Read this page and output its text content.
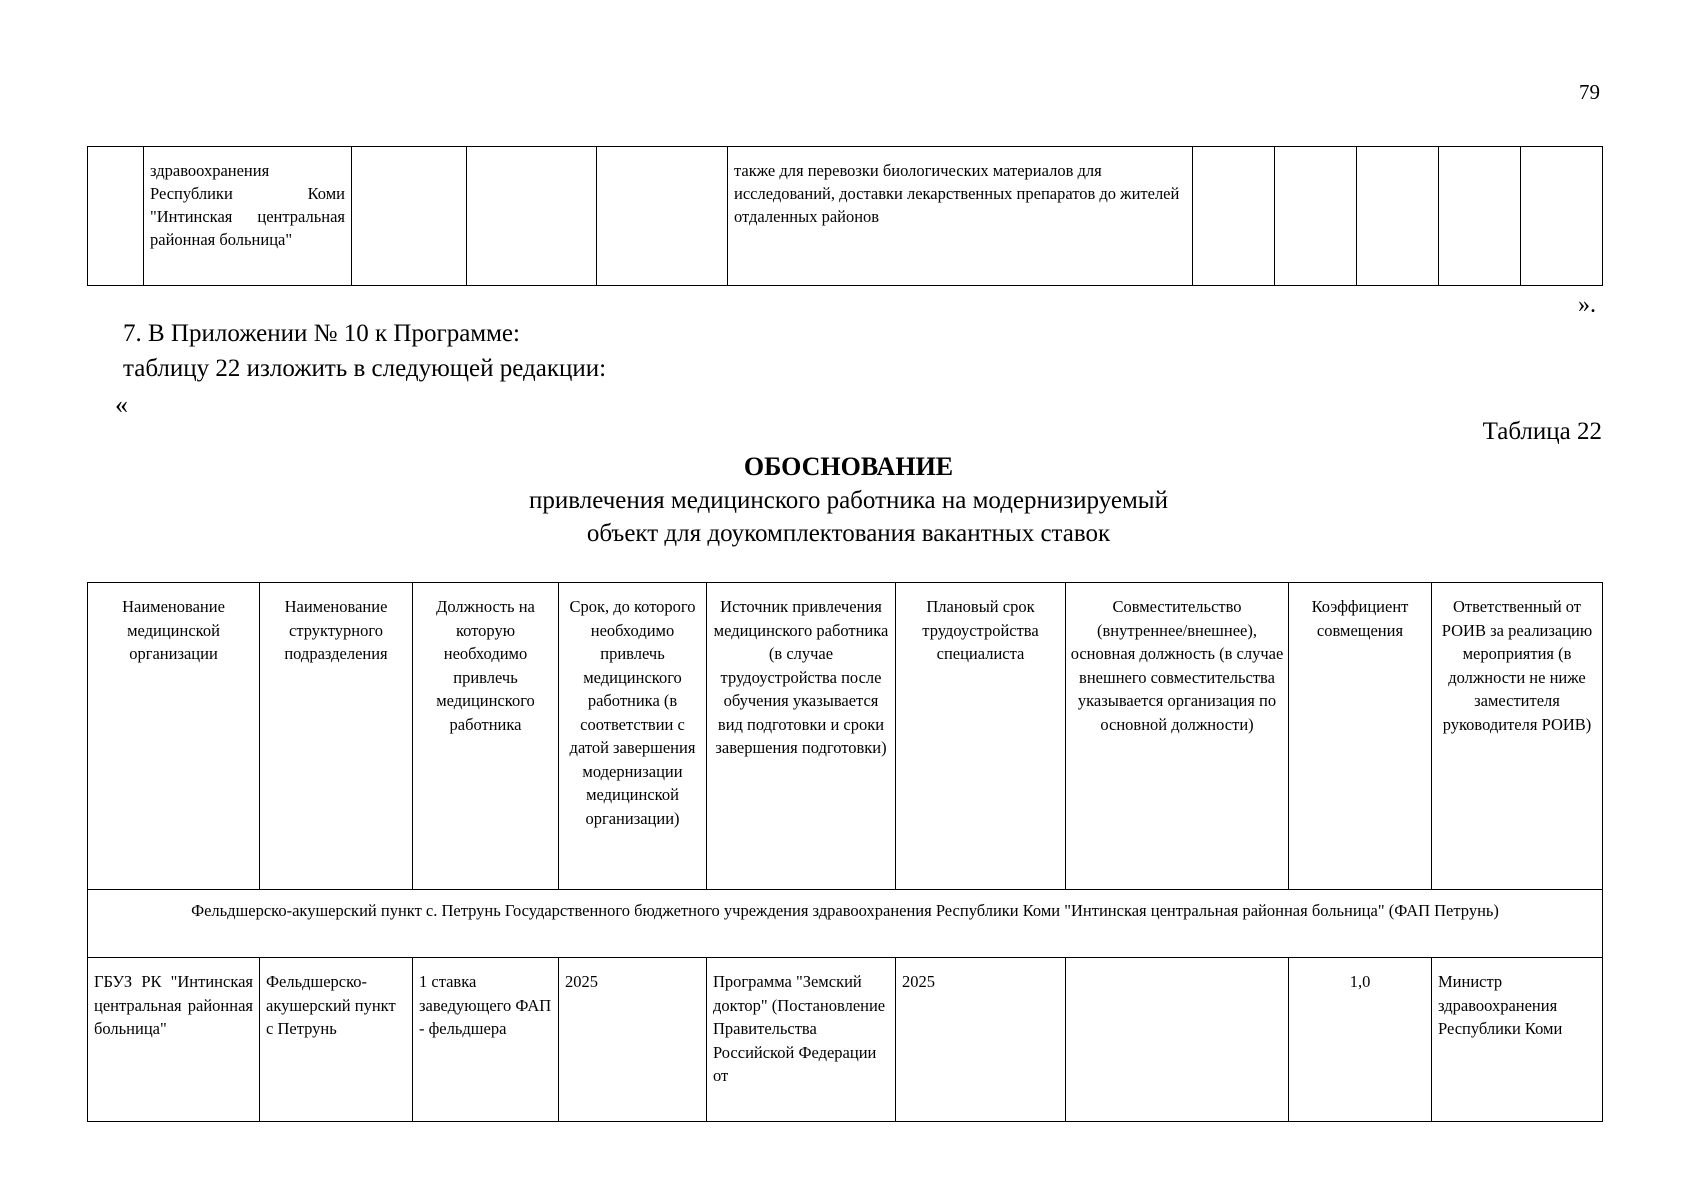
79
	здравоохранения Республики Коми "Интинская центральная районная больница"				также для перевозки биологических материалов для исследований, доставки лекарственных препаратов до жителей отдаленных районов					
».
7. В Приложении № 10 к Программе:
таблицу 22 изложить в следующей редакции:
«
Таблица 22
ОБОСНОВАНИЕ
привлечения медицинского работника на модернизируемый
объект для доукомплектования вакантных ставок
Наименование медицинской организации	Наименование структурного подразделения	Должность на которую необходимо привлечь медицинского работника	Срок, до которого необходимо привлечь медицинского работника (в соответствии с датой завершения модернизации медицинской организации)	Источник привлечения медицинского работника (в случае трудоустройства после обучения указывается вид подготовки и сроки завершения подготовки)	Плановый срок трудоустройства специалиста	Совместительство (внутреннее/внешнее), основная должность (в случае внешнего совместительства указывается организация по основной должности)	Коэффициент совмещения	Ответственный от РОИВ за реализацию мероприятия (в должности не ниже заместителя руководителя РОИВ)
Фельдшерско-акушерский пункт с. Петрунь Государственного бюджетного учреждения здравоохранения Республики Коми "Интинская центральная районная больница" (ФАП Петрунь)								
ГБУЗ РК "Интинская центральная районная больница"	Фельдшерско-акушерский пункт с Петрунь	1 ставка заведующего ФАП - фельдшера	2025	Программа "Земский доктор" (Постановление Правительства Российской Федерации от	2025		1,0	Министр здравоохранения Республики Коми
